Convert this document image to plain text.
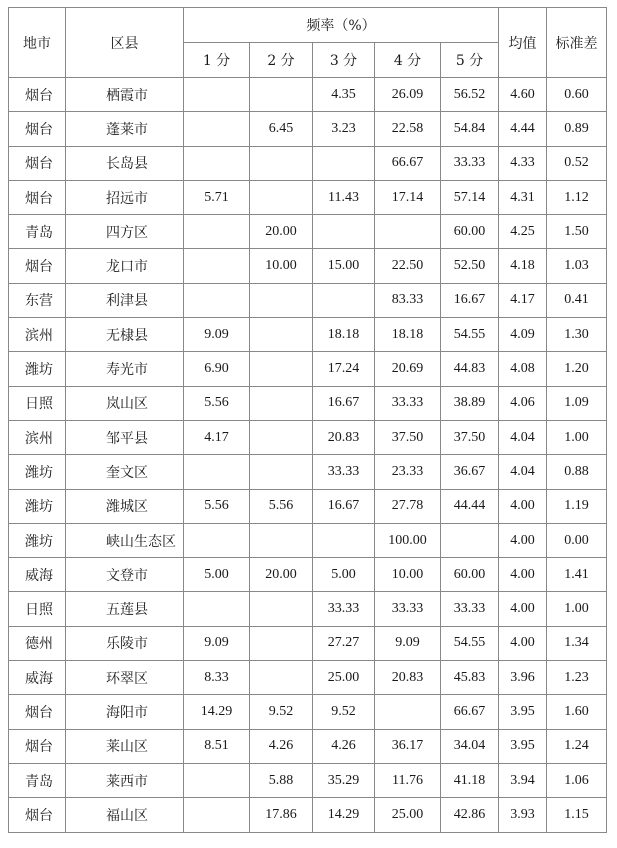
地市	区县	频率（%）					均值	标准差
		1 分	2 分	3 分	4 分	5 分		
烟台	栖霞市			4.35	26.09	56.52	4.60	0.60
烟台	蓬莱市		6.45	3.23	22.58	54.84	4.44	0.89
烟台	长岛县				66.67	33.33	4.33	0.52
烟台	招远市	5.71		11.43	17.14	57.14	4.31	1.12
青岛	四方区		20.00			60.00	4.25	1.50
烟台	龙口市		10.00	15.00	22.50	52.50	4.18	1.03
东营	利津县				83.33	16.67	4.17	0.41
滨州	无棣县	9.09		18.18	18.18	54.55	4.09	1.30
潍坊	寿光市	6.90		17.24	20.69	44.83	4.08	1.20
日照	岚山区	5.56		16.67	33.33	38.89	4.06	1.09
滨州	邹平县	4.17		20.83	37.50	37.50	4.04	1.00
潍坊	奎文区			33.33	23.33	36.67	4.04	0.88
潍坊	潍城区	5.56	5.56	16.67	27.78	44.44	4.00	1.19
潍坊	峡山生态区				100.00		4.00	0.00
威海	文登市	5.00	20.00	5.00	10.00	60.00	4.00	1.41
日照	五莲县			33.33	33.33	33.33	4.00	1.00
德州	乐陵市	9.09		27.27	9.09	54.55	4.00	1.34
威海	环翠区	8.33		25.00	20.83	45.83	3.96	1.23
烟台	海阳市	14.29	9.52	9.52		66.67	3.95	1.60
烟台	莱山区	8.51	4.26	4.26	36.17	34.04	3.95	1.24
青岛	莱西市		5.88	35.29	11.76	41.18	3.94	1.06
烟台	福山区		17.86	14.29	25.00	42.86	3.93	1.15
